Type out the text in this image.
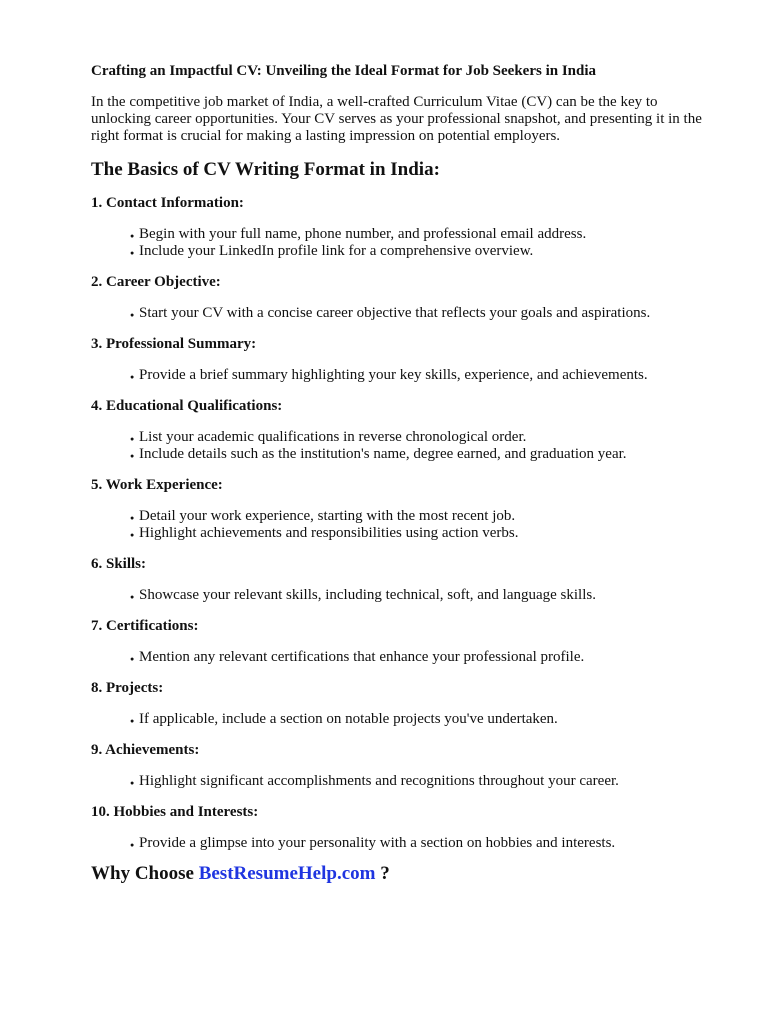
Crafting an Impactful CV: Unveiling the Ideal Format for Job Seekers in India

In the competitive job market of India, a well-crafted Curriculum Vitae (CV) can be the key to unlocking career opportunities. Your CV serves as your professional snapshot, and presenting it in the right format is crucial for making a lasting impression on potential employers.

The Basics of CV Writing Format in India:

1. Contact Information:

● Begin with your full name, phone number, and professional email address.
● Include your LinkedIn profile link for a comprehensive overview.

2. Career Objective:

● Start your CV with a concise career objective that reflects your goals and aspirations.

3. Professional Summary:

● Provide a brief summary highlighting your key skills, experience, and achievements.

4. Educational Qualifications:

● List your academic qualifications in reverse chronological order.
● Include details such as the institution's name, degree earned, and graduation year.

5. Work Experience:

● Detail your work experience, starting with the most recent job.
● Highlight achievements and responsibilities using action verbs.

6. Skills:

● Showcase your relevant skills, including technical, soft, and language skills.

7. Certifications:

● Mention any relevant certifications that enhance your professional profile.

8. Projects:

● If applicable, include a section on notable projects you've undertaken.

9. Achievements:

● Highlight significant accomplishments and recognitions throughout your career.

10. Hobbies and Interests:

● Provide a glimpse into your personality with a section on hobbies and interests.
Why Choose BestResumeHelp.com ?
